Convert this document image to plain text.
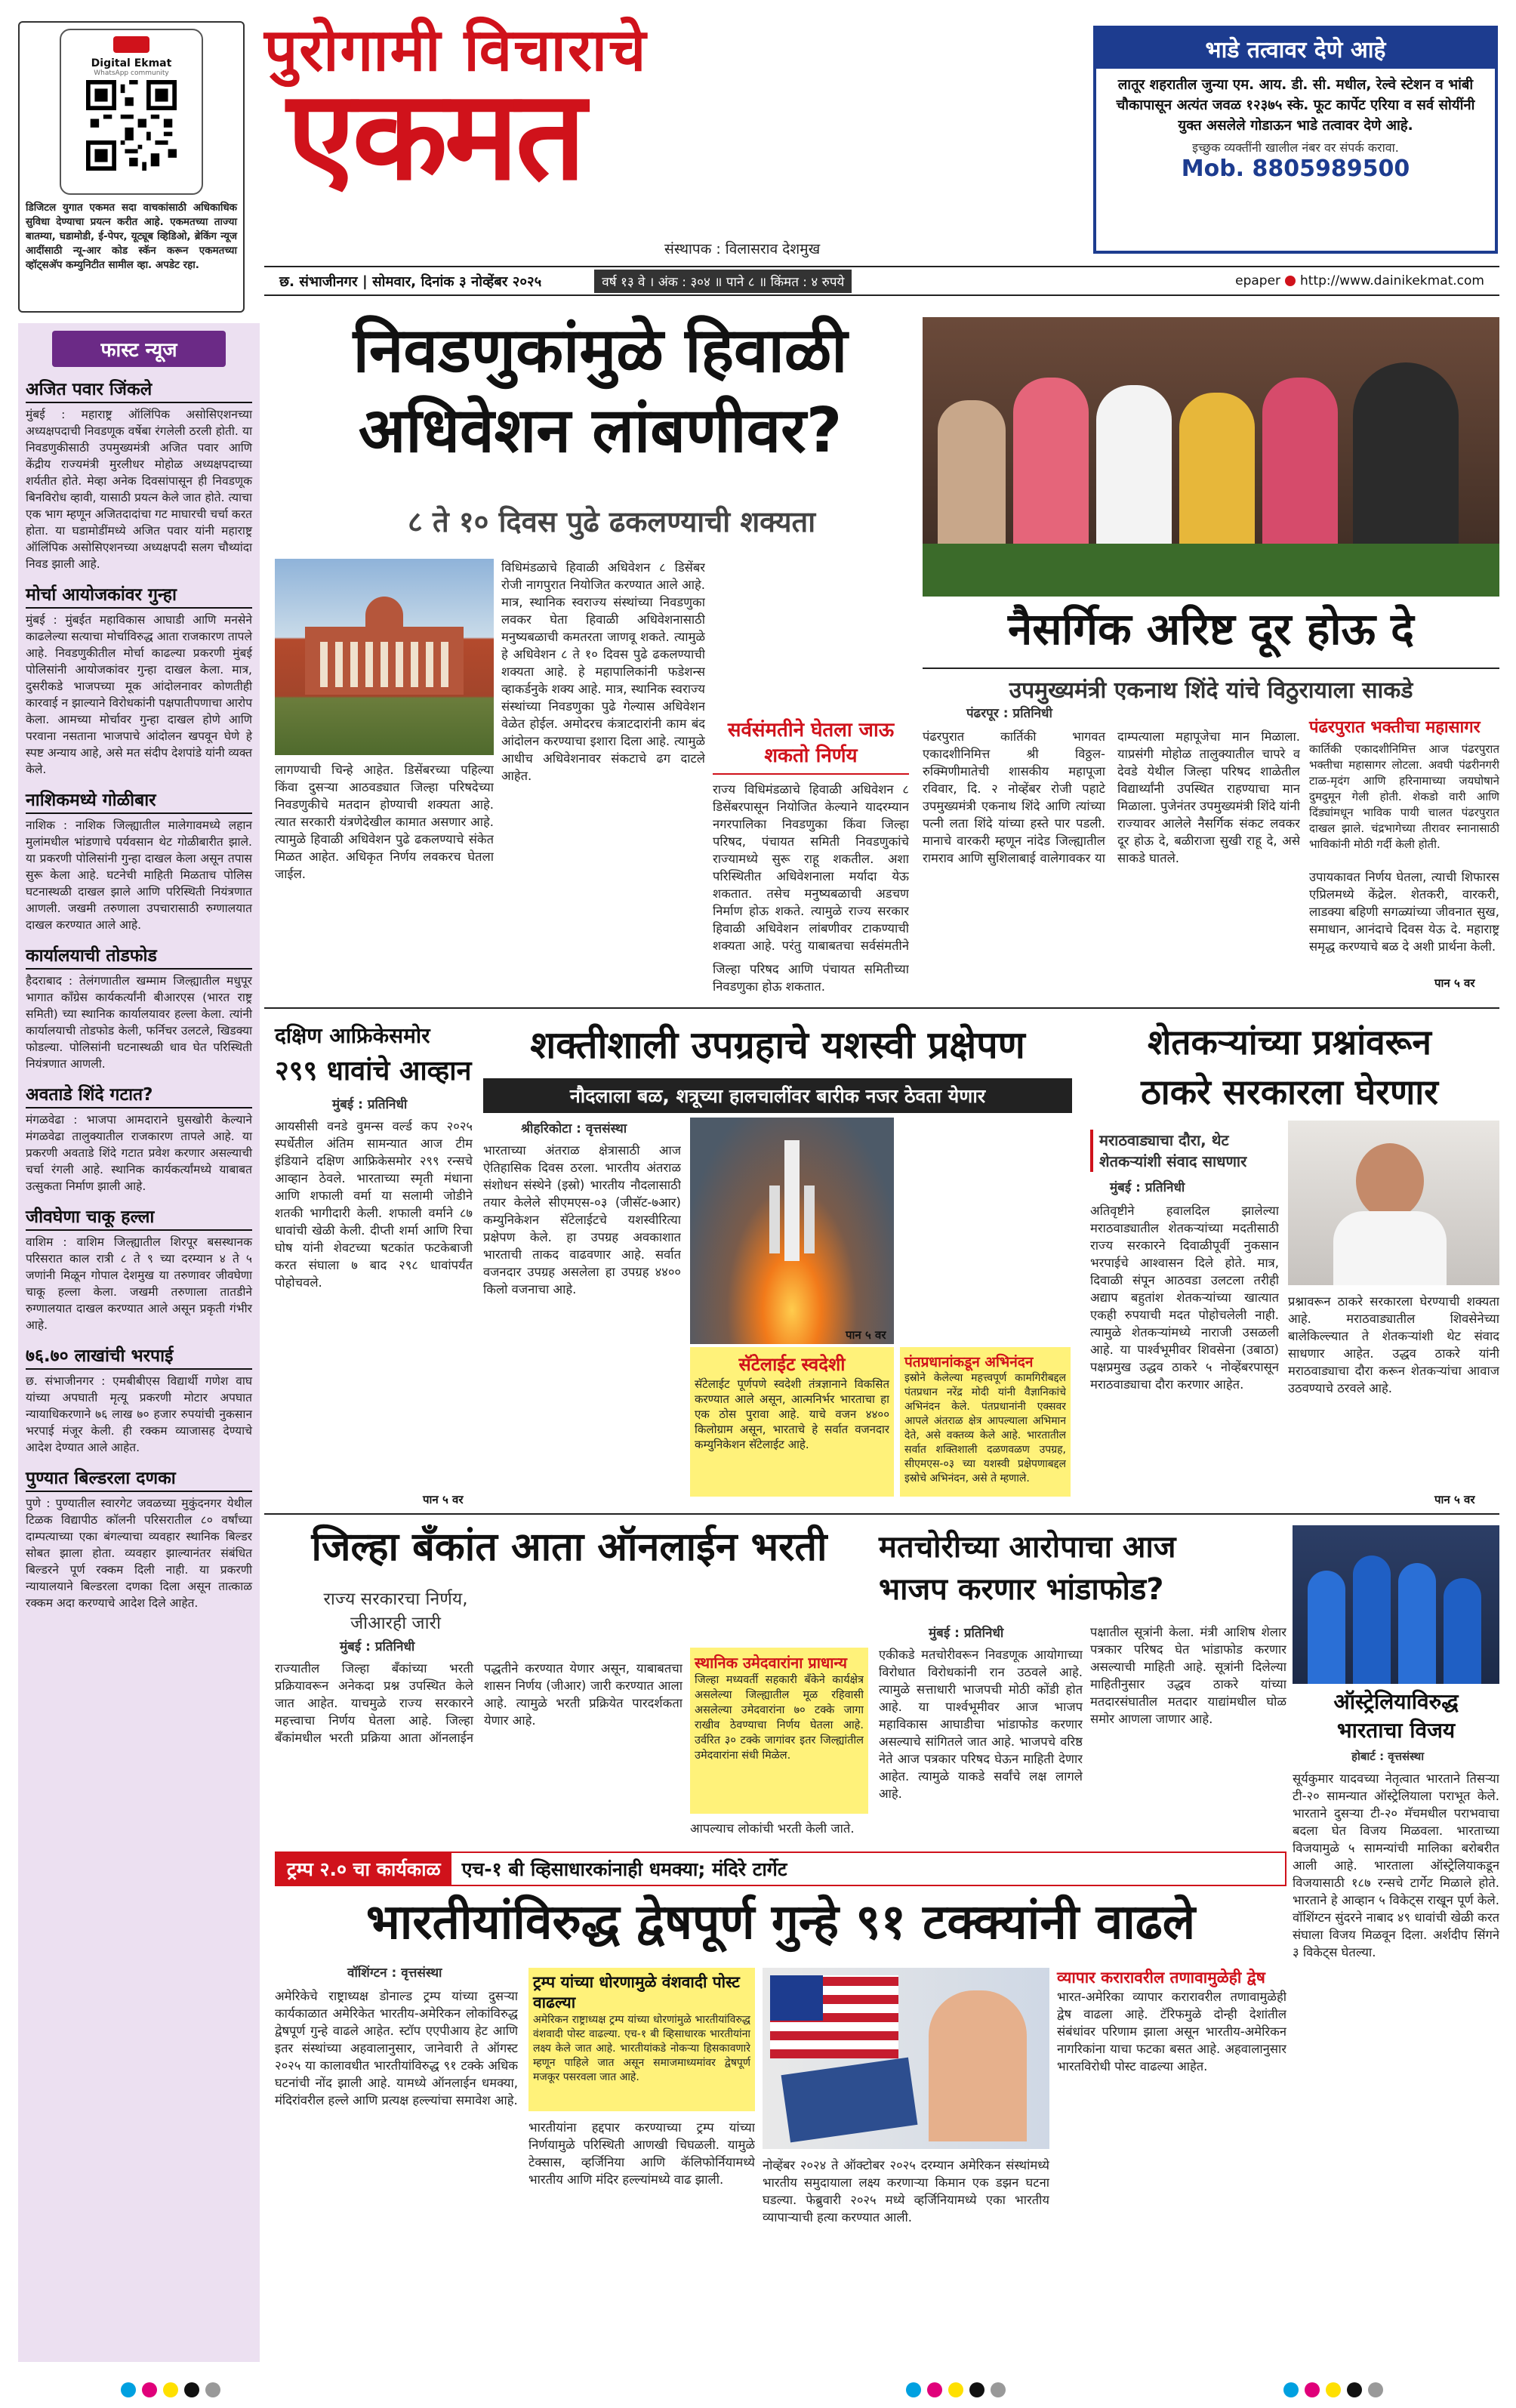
Digital Ekmat
WhatsApp community
डिजिटल युगात एकमत सदा वाचकांसाठी अधिकाधिक सुविधा देण्याचा प्रयत्न करीत आहे. एकमतच्या ताज्या बातम्या, घडामोडी, ई-पेपर, यूट्यूब व्हिडिओ, ब्रेकिंग न्यूज आदींसाठी न्यू-आर कोड स्कॅन करून एकमतच्या व्हॉट्सअ‍ॅप कम्युनिटीत सामील व्हा. अपडेट रहा.
पुरोगामी विचाराचे
एकमत
संस्थापक : विलासराव देशमुख
भाडे तत्वावर देणे आहे
लातूर शहरातील जुन्या एम. आय. डी. सी. मधील, रेल्वे स्टेशन व भांबी चौकापासून अत्यंत जवळ १२३७५ स्के. फूट कार्पेट एरिया व सर्व सोयींनी युक्त असलेले गोडाऊन भाडे तत्वावर देणे आहे.
इच्छुक व्यक्तींनी खालील नंबर वर संपर्क करावा.
Mob. 8805989500
छ. संभाजीनगर | सोमवार, दिनांक ३ नोव्हेंबर २०२५	वर्ष १३ वे । अंक : ३०४ ॥ पाने ८ ॥ किंमत : ४ रुपये	epaper http://www.dainikekmat.com
फास्ट न्यूज
अजित पवार जिंकले
मुंबई : महाराष्ट्र ऑलिंपिक असोसिएशनच्या अध्यक्षपदाची निवडणूक वर्षेबा रंगलेली ठरली होती. या निवडणुकीसाठी उपमुख्यमंत्री अजित पवार आणि केंद्रीय राज्यमंत्री मुरलीधर मोहोळ अध्यक्षपदाच्या शर्यतीत होते. मेव्हा अनेक दिवसांपासून ही निवडणूक बिनविरोध व्हावी, यासाठी प्रयत्न केले जात होते. त्याचा एक भाग म्हणून अजितदादांचा गट माघारची चर्चा करत होता. या घडामोडींमध्ये अजित पवार यांनी महाराष्ट्र ऑलिंपिक असोसिएशनच्या अध्यक्षपदी सलग चौथ्यांदा निवड झाली आहे.
मोर्चा आयोजकांवर गुन्हा
मुंबई : मुंबईत महाविकास आघाडी आणि मनसेने काढलेल्या सत्याचा मोर्चाविरुद्ध आता राजकारण तापले आहे. निवडणुकीतील मोर्चा काढल्या प्रकरणी मुंबई पोलिसांनी आयोजकांवर गुन्हा दाखल केला. मात्र, दुसरीकडे भाजपच्या मूक आंदोलनावर कोणतीही कारवाई न झाल्याने विरोधकांनी पक्षपातीपणाचा आरोप केला. आमच्या मोर्चावर गुन्हा दाखल होणे आणि परवाना नसताना भाजपाचे आंदोलन खपवून घेणे हे स्पष्ट अन्याय आहे, असे मत संदीप देशपांडे यांनी व्यक्त केले.
नाशिकमध्ये गोळीबार
नाशिक : नाशिक जिल्ह्यातील मालेगावमध्ये लहान मुलांमधील भांडणाचे पर्यवसान थेट गोळीबारीत झाले. या प्रकरणी पोलिसांनी गुन्हा दाखल केला असून तपास सुरू केला आहे. घटनेची माहिती मिळताच पोलिस घटनास्थळी दाखल झाले आणि परिस्थिती नियंत्रणात आणली. जखमी तरुणाला उपचारासाठी रुग्णालयात दाखल करण्यात आले आहे.
कार्यालयाची तोडफोड
हैदराबाद : तेलंगणातील खम्माम जिल्ह्यातील मधुपूर भागात काँग्रेस कार्यकर्त्यांनी बीआरएस (भारत राष्ट्र समिती) च्या स्थानिक कार्यालयावर हल्ला केला. त्यांनी कार्यालयाची तोडफोड केली, फर्निचर उलटले, खिडक्या फोडल्या. पोलिसांनी घटनास्थळी धाव घेत परिस्थिती नियंत्रणात आणली.
अवताडे शिंदे गटात?
मंगळवेढा : भाजपा आमदाराने घुसखोरी केल्याने मंगळवेढा तालुक्यातील राजकारण तापले आहे. या प्रकरणी अवताडे शिंदे गटात प्रवेश करणार असल्याची चर्चा रंगली आहे. स्थानिक कार्यकर्त्यांमध्ये याबाबत उत्सुकता निर्माण झाली आहे.
जीवघेणा चाकू हल्ला
वाशिम : वाशिम जिल्ह्यातील शिरपूर बसस्थानक परिसरात काल रात्री ८ ते ९ च्या दरम्यान ४ ते ५ जणांनी मिळून गोपाल देशमुख या तरुणावर जीवघेणा चाकू हल्ला केला. जखमी तरुणाला तातडीने रुग्णालयात दाखल करण्यात आले असून प्रकृती गंभीर आहे.
७६.७० लाखांची भरपाई
छ. संभाजीनगर : एमबीबीएस विद्यार्थी गणेश वाघ यांच्या अपघाती मृत्यू प्रकरणी मोटार अपघात न्यायाधिकरणाने ७६ लाख ७० हजार रुपयांची नुकसान भरपाई मंजूर केली. ही रक्कम व्याजासह देण्याचे आदेश देण्यात आले आहेत.
पुण्यात बिल्डरला दणका
पुणे : पुण्यातील स्वारगेट जवळच्या मुकुंदनगर येथील टिळक विद्यापीठ कॉलनी परिसरातील ८० वर्षांच्या दाम्पत्याच्या एका बंगल्याचा व्यवहार स्थानिक बिल्डर सोबत झाला होता. व्यवहार झाल्यानंतर संबंधित बिल्डरने पूर्ण रक्कम दिली नाही. या प्रकरणी न्यायालयाने बिल्डरला दणका दिला असून तात्काळ रक्कम अदा करण्याचे आदेश दिले आहेत.
निवडणुकांमुळे हिवाळी
अधिवेशन लांबणीवर?
८ ते १० दिवस पुढे ढकलण्याची शक्यता
विधिमंडळाचे हिवाळी अधिवेशन ८ डिसेंबर रोजी नागपुरात नियोजित करण्यात आले आहे. मात्र, स्थानिक स्वराज्य संस्थांच्या निवडणुका लवकर घेता हिवाळी अधिवेशनासाठी मनुष्यबळाची कमतरता जाणवू शकते. त्यामुळे हे अधिवेशन ८ ते १० दिवस पुढे ढकलण्याची शक्यता आहे. हे महापालिकांनी फडेशन्स व्हाकर्डनुके शक्य आहे. मात्र, स्थानिक स्वराज्य संस्थांच्या निवडणुका पुढे गेल्यास अधिवेशन वेळेत होईल. अमोदरच कंत्राटदारांनी काम बंद आंदोलन करण्याचा इशारा दिला आहे. त्यामुळे आधीच अधिवेशनावर संकटाचे ढग दाटले आहेत.
लागण्याची चिन्हे आहेत. डिसेंबरच्या पहिल्या किंवा दुसऱ्या आठवड्यात जिल्हा परिषदेच्या निवडणुकीचे मतदान होण्याची शक्यता आहे. त्यात सरकारी यंत्रणेदेखील कामात असणार आहे. त्यामुळे हिवाळी अधिवेशन पुढे ढकलण्याचे संकेत मिळत आहेत. अधिकृत निर्णय लवकरच घेतला जाईल.
सर्वसंमतीने घेतला जाऊ शकतो निर्णय
राज्य विधिमंडळाचे हिवाळी अधिवेशन ८ डिसेंबरपासून नियोजित केल्याने यादरम्यान नगरपालिका निवडणुका किंवा जिल्हा परिषद, पंचायत समिती निवडणुकांचे राज्यामध्ये सुरू राहू शकतील. अशा परिस्थितीत अधिवेशनाला मर्यादा येऊ शकतात. तसेच मनुष्यबळाची अडचण निर्माण होऊ शकते. त्यामुळे राज्य सरकार हिवाळी अधिवेशन लांबणीवर टाकण्याची शक्यता आहे. परंतु याबाबतचा सर्वसंमतीने
जिल्हा परिषद आणि पंचायत समितीच्या निवडणुका होऊ शकतात.
नैसर्गिक अरिष्ट दूर होऊ दे
उपमुख्यमंत्री एकनाथ शिंदे यांचे विठुरायाला साकडे
पंढरपूर : प्रतिनिधी
पंढरपुरात कार्तिकी भागवत एकादशीनिमित्त श्री विठ्ठल-रुक्मिणीमातेची शासकीय महापूजा रविवार, दि. २ नोव्हेंबर रोजी पहाटे उपमुख्यमंत्री एकनाथ शिंदे आणि त्यांच्या पत्नी लता शिंदे यांच्या हस्ते पार पडली. मानाचे वारकरी म्हणून नांदेड जिल्ह्यातील रामराव आणि सुशिलाबाई वालेगावकर या दाम्पत्याला महापूजेचा मान मिळाला. याप्रसंगी मोहोळ तालुक्यातील चापरे व देवडे येथील जिल्हा परिषद शाळेतील विद्यार्थ्यांनी उपस्थित राहण्याचा मान मिळाला. पुजेनंतर उपमुख्यमंत्री शिंदे यांनी राज्यावर आलेले नैसर्गिक संकट लवकर दूर होऊ दे, बळीराजा सुखी राहू दे, असे साकडे घातले.
पंढरपुरात भक्तीचा महासागर
कार्तिकी एकादशीनिमित्त आज पंढरपुरात भक्तीचा महासागर लोटला. अवघी पंढरीनगरी टाळ-मृदंग आणि हरिनामाच्या जयघोषाने दुमदुमून गेली होती. शेकडो वारी आणि दिंड्यांमधून भाविक पायी चालत पंढरपुरात दाखल झाले. चंद्रभागेच्या तीरावर स्नानासाठी भाविकांनी मोठी गर्दी केली होती.
उपायकावत निर्णय घेतला, त्याची शिफारस एप्रिलमध्ये केंद्रेल. शेतकरी, वारकरी, लाडक्या बहिणी सगळ्यांच्या जीवनात सुख, समाधान, आनंदाचे दिवस येऊ दे. महाराष्ट्र समृद्ध करण्याचे बळ दे अशी प्रार्थना केली.
पान ५ वर
दक्षिण आफ्रिकेसमोर
२९९ धावांचे आव्हान
मुंबई : प्रतिनिधी
आयसीसी वनडे वुमन्स वर्ल्ड कप २०२५ स्पर्धेतील अंतिम सामन्यात आज टीम इंडियाने दक्षिण आफ्रिकेसमोर २९९ रन्सचे आव्हान ठेवले. भारताच्या स्मृती मंधाना आणि शफाली वर्मा या सलामी जोडीने शतकी भागीदारी केली. शफाली वर्माने ८७ धावांची खेळी केली. दीप्ती शर्मा आणि रिचा घोष यांनी शेवटच्या षटकांत फटकेबाजी करत संघाला ७ बाद २९८ धावांपर्यंत पोहोचवले.
पान ५ वर
शक्तीशाली उपग्रहाचे यशस्वी प्रक्षेपण
नौदलाला बळ, शत्रूच्या हालचालींवर बारीक नजर ठेवता येणार
श्रीहरिकोटा : वृत्तसंस्था
भारताच्या अंतराळ क्षेत्रासाठी आज ऐतिहासिक दिवस ठरला. भारतीय अंतराळ संशोधन संस्थेने (इस्रो) भारतीय नौदलासाठी तयार केलेले सीएमएस-०३ (जीसॅट-७आर) कम्युनिकेशन सॅटेलाईटचे यशस्वीरित्या प्रक्षेपण केले. हा उपग्रह अवकाशात भारताची ताकद वाढवणार आहे. सर्वात वजनदार उपग्रह असलेला हा उपग्रह ४४०० किलो वजनाचा आहे.
सॅटेलाईट स्वदेशी
सॅटेलाईट पूर्णपणे स्वदेशी तंत्रज्ञानाने विकसित करण्यात आले असून, आत्मनिर्भर भारताचा हा एक ठोस पुरावा आहे. याचे वजन ४४०० किलोग्राम असून, भारताचे हे सर्वात वजनदार कम्युनिकेशन सॅटेलाईट आहे.
पंतप्रधानांकडून अभिनंदन
इस्रोने केलेल्या महत्त्वपूर्ण कामगिरीबद्दल पंतप्रधान नरेंद्र मोदी यांनी वैज्ञानिकांचे अभिनंदन केले. पंतप्रधानांनी एक्सवर आपले अंतराळ क्षेत्र आपल्याला अभिमान देते, असे वक्तव्य केले आहे. भारतातील सर्वात शक्तिशाली दळणवळण उपग्रह, सीएमएस-०३ च्या यशस्वी प्रक्षेपणाबद्दल इस्रोचे अभिनंदन, असे ते म्हणाले.
पान ५ वर
शेतकऱ्यांच्या प्रश्नांवरून
ठाकरे सरकारला घेरणार
मराठवाड्याचा दौरा, थेट शेतकऱ्यांशी संवाद साधणार
मुंबई : प्रतिनिधी
अतिवृष्टीने हवालदिल झालेल्या मराठवाड्यातील शेतकऱ्यांच्या मदतीसाठी राज्य सरकारने दिवाळीपूर्वी नुकसान भरपाईचे आश्वासन दिले होते. मात्र, दिवाळी संपून आठवडा उलटला तरीही अद्याप बहुतांश शेतकऱ्यांच्या खात्यात एकही रुपयाची मदत पोहोचलेली नाही. त्यामुळे शेतकऱ्यांमध्ये नाराजी उसळली आहे. या पार्श्वभूमीवर शिवसेना (उबाठा) पक्षप्रमुख उद्धव ठाकरे ५ नोव्हेंबरपासून मराठवाड्याचा दौरा करणार आहेत.
प्रश्नावरून ठाकरे सरकारला घेरण्याची शक्यता आहे. मराठवाड्यातील शिवसेनेच्या बालेकिल्ल्यात ते शेतकऱ्यांशी थेट संवाद साधणार आहेत. उद्धव ठाकरे यांनी मराठवाड्याचा दौरा करून शेतकऱ्यांचा आवाज उठवण्याचे ठरवले आहे.
पान ५ वर
जिल्हा बँकांत आता ऑनलाईन भरती
राज्य सरकारचा निर्णय,
जीआरही जारी
मुंबई : प्रतिनिधी
राज्यातील जिल्हा बँकांच्या भरती प्रक्रियावरून अनेकदा प्रश्न उपस्थित केले जात आहेत. याचमुळे राज्य सरकारने महत्त्वाचा निर्णय घेतला आहे. जिल्हा बँकांमधील भरती प्रक्रिया आता ऑनलाईन पद्धतीने करण्यात येणार असून, याबाबतचा शासन निर्णय (जीआर) जारी करण्यात आला आहे. त्यामुळे भरती प्रक्रियेत पारदर्शकता येणार आहे.
स्थानिक उमेदवारांना प्राधान्य
जिल्हा मध्यवर्ती सहकारी बँकेने कार्यक्षेत्र असलेल्या जिल्ह्यातील मूळ रहिवासी असलेल्या उमेदवारांना ७० टक्के जागा राखीव ठेवण्याचा निर्णय घेतला आहे. उर्वरित ३० टक्के जागांवर इतर जिल्ह्यांतील उमेदवारांना संधी मिळेल.
आपल्याच लोकांची भरती केली जाते.
मतचोरीच्या आरोपाचा आज
भाजप करणार भांडाफोड?
मुंबई : प्रतिनिधी
एकीकडे मतचोरीवरून निवडणूक आयोगाच्या विरोधात विरोधकांनी रान उठवले आहे. त्यामुळे सत्ताधारी भाजपची मोठी कोंडी होत आहे. या पार्श्वभूमीवर आज भाजप महाविकास आघाडीचा भांडाफोड करणार असल्याचे सांगितले जात आहे. भाजपचे वरिष्ठ नेते आज पत्रकार परिषद घेऊन माहिती देणार आहेत. त्यामुळे याकडे सर्वांचे लक्ष लागले आहे.
पक्षातील सूत्रांनी केला. मंत्री आशिष शेलार पत्रकार परिषद घेत भांडाफोड करणार असल्याची माहिती आहे. सूत्रांनी दिलेल्या माहितीनुसार उद्धव ठाकरे यांच्या मतदारसंघातील मतदार याद्यांमधील घोळ समोर आणला जाणार आहे.
ऑस्ट्रेलियाविरुद्ध
भारताचा विजय
होबार्ट : वृत्तसंस्था
सूर्यकुमार यादवच्या नेतृत्वात भारताने तिसऱ्या टी-२० सामन्यात ऑस्ट्रेलियाला पराभूत केले. भारताने दुसऱ्या टी-२० मॅचमधील पराभवाचा बदला घेत विजय मिळवला. भारताच्या विजयामुळे ५ सामन्यांची मालिका बरोबरीत आली आहे. भारताला ऑस्ट्रेलियाकडून विजयासाठी १८७ रन्सचे टार्गेट मिळाले होते. भारताने हे आव्हान ५ विकेट्स राखून पूर्ण केले. वॉशिंग्टन सुंदरने नाबाद ४९ धावांची खेळी करत संघाला विजय मिळवून दिला. अर्शदीप सिंगने ३ विकेट्स घेतल्या.
ट्रम्प २.० चा कार्यकाळ	एच-१ बी व्हिसाधारकांनाही धमक्या; मंदिरे टार्गेट
भारतीयांविरुद्ध द्वेषपूर्ण गुन्हे ९१ टक्क्यांनी वाढले
वॉशिंग्टन : वृत्तसंस्था
अमेरिकेचे राष्ट्राध्यक्ष डोनाल्ड ट्रम्प यांच्या दुसऱ्या कार्यकाळात अमेरिकेत भारतीय-अमेरिकन लोकांविरुद्ध द्वेषपूर्ण गुन्हे वाढले आहेत. स्टॉप एएपीआय हेट आणि इतर संस्थांच्या अहवालानुसार, जानेवारी ते ऑगस्ट २०२५ या कालावधीत भारतीयांविरुद्ध ९१ टक्के अधिक घटनांची नोंद झाली आहे. यामध्ये ऑनलाईन धमक्या, मंदिरांवरील हल्ले आणि प्रत्यक्ष हल्ल्यांचा समावेश आहे.
ट्रम्प यांच्या धोरणामुळे वंशवादी पोस्ट वाढल्या
अमेरिकन राष्ट्राध्यक्ष ट्रम्प यांच्या धोरणांमुळे भारतीयांविरुद्ध वंशवादी पोस्ट वाढल्या. एच-१ बी व्हिसाधारक भारतीयांना लक्ष्य केले जात आहे. भारतीयांकडे नोकऱ्या हिसकावणारे म्हणून पाहिले जात असून समाजमाध्यमांवर द्वेषपूर्ण मजकूर पसरवला जात आहे.
भारतीयांना हद्दपार करण्याच्या ट्रम्प यांच्या निर्णयामुळे परिस्थिती आणखी चिघळली. यामुळे टेक्सास, व्हर्जिनिया आणि कॅलिफोर्नियामध्ये भारतीय आणि मंदिर हल्ल्यांमध्ये वाढ झाली.
नोव्हेंबर २०२४ ते ऑक्टोबर २०२५ दरम्यान अमेरिकन संस्थांमध्ये भारतीय समुदायाला लक्ष्य करणाऱ्या किमान एक डझन घटना घडल्या. फेब्रुवारी २०२५ मध्ये व्हर्जिनियामध्ये एका भारतीय व्यापाऱ्याची हत्या करण्यात आली.
व्यापार करारावरील तणावामुळेही द्वेष
भारत-अमेरिका व्यापार करारावरील तणावामुळेही द्वेष वाढला आहे. टॅरिफमुळे दोन्ही देशांतील संबंधांवर परिणाम झाला असून भारतीय-अमेरिकन नागरिकांना याचा फटका बसत आहे. अहवालानुसार भारतविरोधी पोस्ट वाढल्या आहेत.
